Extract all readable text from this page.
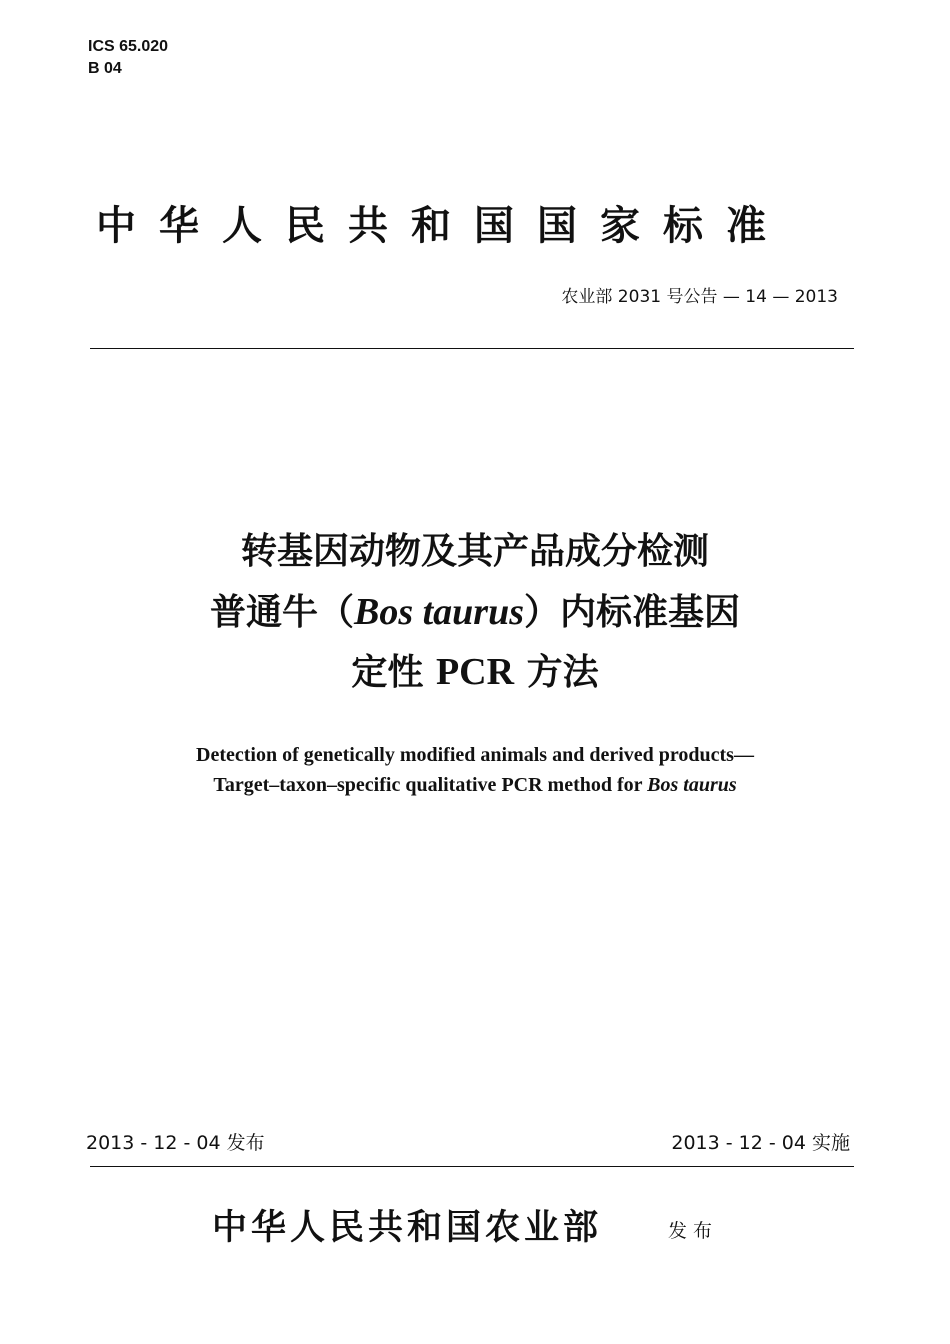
ICS 65.020
B 04
中华人民共和国国家标准
农业部 2031 号公告 — 14 — 2013
转基因动物及其产品成分检测
普通牛（Bos taurus）内标准基因
定性 PCR 方法
Detection of genetically modified animals and derived products—
Target–taxon–specific qualitative PCR method for Bos taurus
2013 - 12 - 04 发布	2013 - 12 - 04 实施
中华人民共和国农业部	发布
